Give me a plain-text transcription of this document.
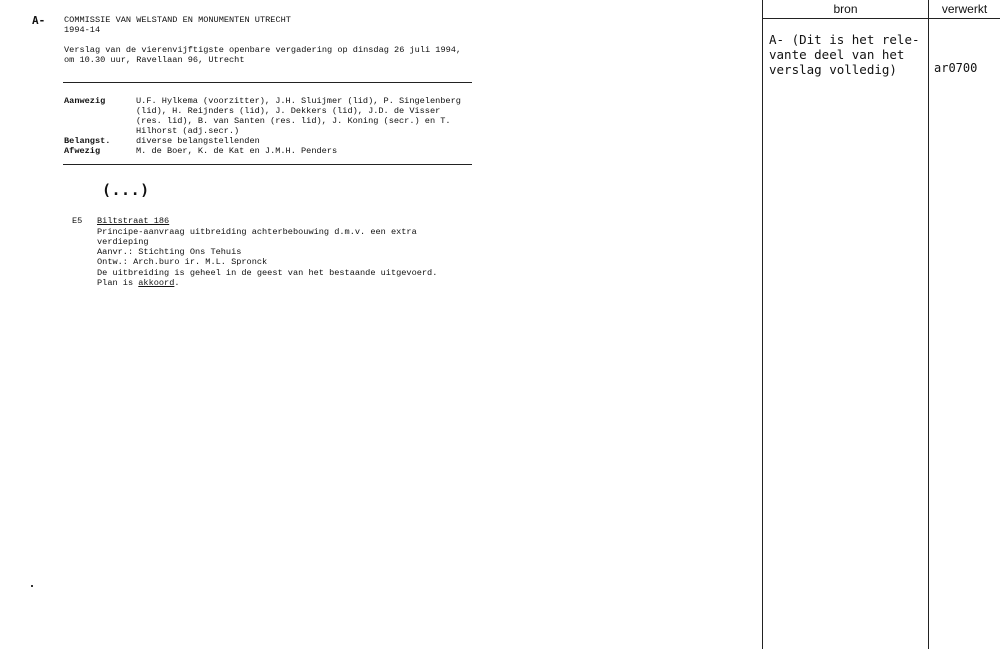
A- COMMISSIE VAN WELSTAND EN MONUMENTEN UTRECHT
1994-14
Verslag van de vierenvijftigste openbare vergadering op dinsdag 26 juli 1994,
om 10.30 uur, Ravellaan 96, Utrecht
Aanwezig	U.F. Hylkema (voorzitter), J.H. Sluijmer (lid), P. Singelenberg
(lid), H. Reijnders (lid), J. Dekkers (lid), J.D. de Visser
(res. lid), B. van Santen (res. lid), J. Koning (secr.) en T.
Hilhorst (adj.secr.)
Belangst.	diverse belangstellenden
Afwezig	M. de Boer, K. de Kat en J.M.H. Penders
(...)
E5 Biltstraat 186
Principe-aanvraag uitbreiding achterbebouwing d.m.v. een extra
verdieping
Aanvr.: Stichting Ons Tehuis
Ontw.: Arch.buro ir. M.L. Spronck
De uitbreiding is geheel in de geest van het bestaande uitgevoerd.
Plan is akkoord.
bron	verwerkt
A- (Dit is het rele-
vante deel van het
verslag volledig)	ar0700
